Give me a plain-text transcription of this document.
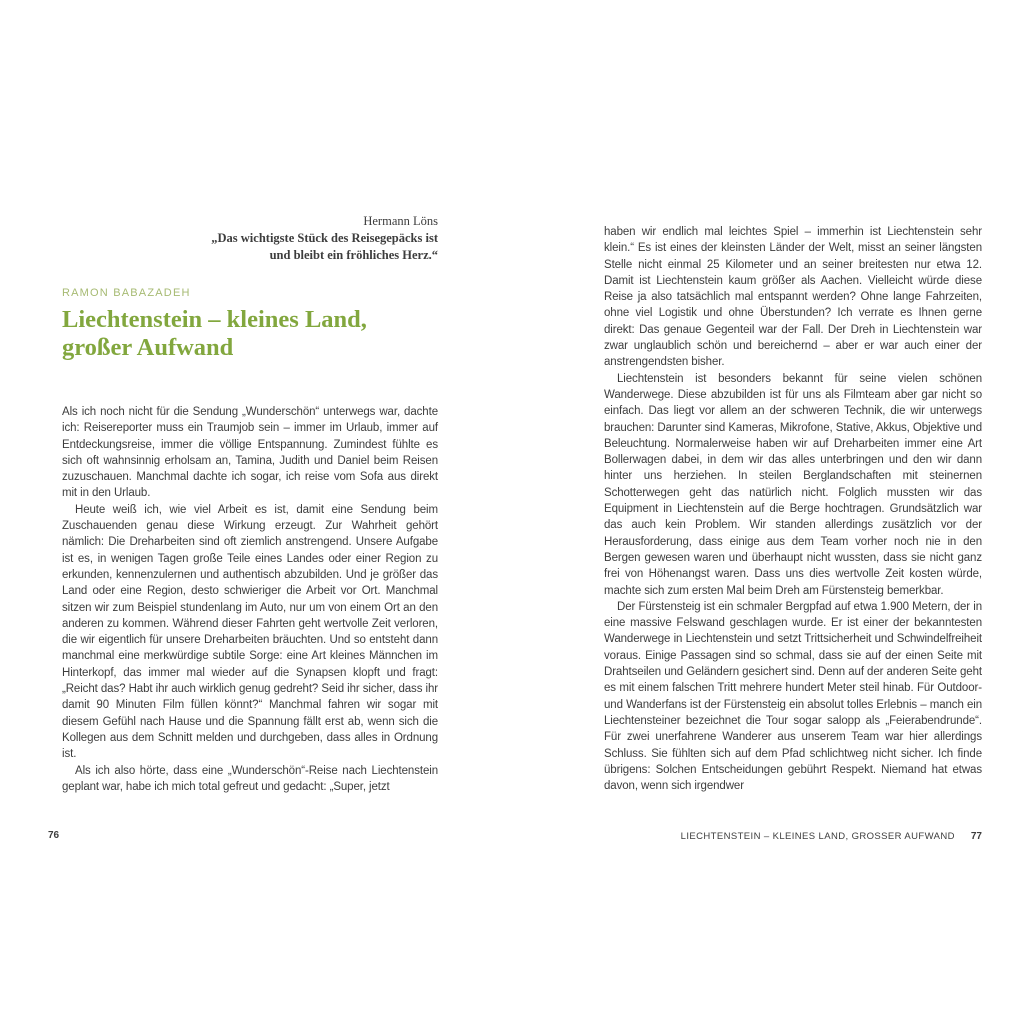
Hermann Löns
„Das wichtigste Stück des Reisegepäcks ist
und bleibt ein fröhliches Herz.“
RAMON BABAZADEH
Liechtenstein – kleines Land,
großer Aufwand

Als ich noch nicht für die Sendung „Wunderschön“ unterwegs war, dachte ich: Reisereporter muss ein Traumjob sein – immer im Urlaub, immer auf Entdeckungsreise, immer die völlige Entspannung. Zumindest fühlte es sich oft wahnsinnig erholsam an, Tamina, Judith und Daniel beim Reisen zuzuschauen. Manchmal dachte ich sogar, ich reise vom Sofa aus direkt mit in den Urlaub.

Heute weiß ich, wie viel Arbeit es ist, damit eine Sendung beim Zuschauenden genau diese Wirkung erzeugt. Zur Wahrheit gehört nämlich: Die Dreharbeiten sind oft ziemlich anstrengend. Unsere Aufgabe ist es, in wenigen Tagen große Teile eines Landes oder einer Region zu erkunden, kennenzulernen und authentisch abzubilden. Und je größer das Land oder eine Region, desto schwieriger die Arbeit vor Ort. Manchmal sitzen wir zum Beispiel stundenlang im Auto, nur um von einem Ort an den anderen zu kommen. Während dieser Fahrten geht wertvolle Zeit verloren, die wir eigentlich für unsere Dreharbeiten bräuchten. Und so entsteht dann manchmal eine merkwürdige subtile Sorge: eine Art kleines Männchen im Hinterkopf, das immer mal wieder auf die Synapsen klopft und fragt: „Reicht das? Habt ihr auch wirklich genug gedreht? Seid ihr sicher, dass ihr damit 90 Minuten Film füllen könnt?“ Manchmal fahren wir sogar mit diesem Gefühl nach Hause und die Spannung fällt erst ab, wenn sich die Kollegen aus dem Schnitt melden und durchgeben, dass alles in Ordnung ist.

Als ich also hörte, dass eine „Wunderschön“-Reise nach Liechtenstein geplant war, habe ich mich total gefreut und gedacht: „Super, jetzt

76

haben wir endlich mal leichtes Spiel – immerhin ist Liechtenstein sehr klein.“ Es ist eines der kleinsten Länder der Welt, misst an seiner längsten Stelle nicht einmal 25 Kilometer und an seiner breitesten nur etwa 12. Damit ist Liechtenstein kaum größer als Aachen. Vielleicht würde diese Reise ja also tatsächlich mal entspannt werden? Ohne lange Fahrzeiten, ohne viel Logistik und ohne Überstunden? Ich verrate es Ihnen gerne direkt: Das genaue Gegenteil war der Fall. Der Dreh in Liechtenstein war zwar unglaublich schön und bereichernd – aber er war auch einer der anstrengendsten bisher.

Liechtenstein ist besonders bekannt für seine vielen schönen Wanderwege. Diese abzubilden ist für uns als Filmteam aber gar nicht so einfach. Das liegt vor allem an der schweren Technik, die wir unterwegs brauchen: Darunter sind Kameras, Mikrofone, Stative, Akkus, Objektive und Beleuchtung. Normalerweise haben wir auf Dreharbeiten immer eine Art Bollerwagen dabei, in dem wir das alles unterbringen und den wir dann hinter uns herziehen. In steilen Berglandschaften mit steinernen Schotterwegen geht das natürlich nicht. Folglich mussten wir das Equipment in Liechtenstein auf die Berge hochtragen. Grundsätzlich war das auch kein Problem. Wir standen allerdings zusätzlich vor der Herausforderung, dass einige aus dem Team vorher noch nie in den Bergen gewesen waren und überhaupt nicht wussten, dass sie nicht ganz frei von Höhenangst waren. Dass uns dies wertvolle Zeit kosten würde, machte sich zum ersten Mal beim Dreh am Fürstensteig bemerkbar.

Der Fürstensteig ist ein schmaler Bergpfad auf etwa 1.900 Metern, der in eine massive Felswand geschlagen wurde. Er ist einer der bekanntesten Wanderwege in Liechtenstein und setzt Trittsicherheit und Schwindelfreiheit voraus. Einige Passagen sind so schmal, dass sie auf der einen Seite mit Drahtseilen und Geländern gesichert sind. Denn auf der anderen Seite geht es mit einem falschen Tritt mehrere hundert Meter steil hinab. Für Outdoor- und Wanderfans ist der Fürstensteig ein absolut tolles Erlebnis – manch ein Liechtensteiner bezeichnet die Tour sogar salopp als „Feierabendrunde“. Für zwei unerfahrene Wanderer aus unserem Team war hier allerdings Schluss. Sie fühlten sich auf dem Pfad schlichtweg nicht sicher. Ich finde übrigens: Solchen Entscheidungen gebührt Respekt. Niemand hat etwas davon, wenn sich irgendwer

LIECHTENSTEIN – KLEINES LAND, GROSSER AUFWAND 77
